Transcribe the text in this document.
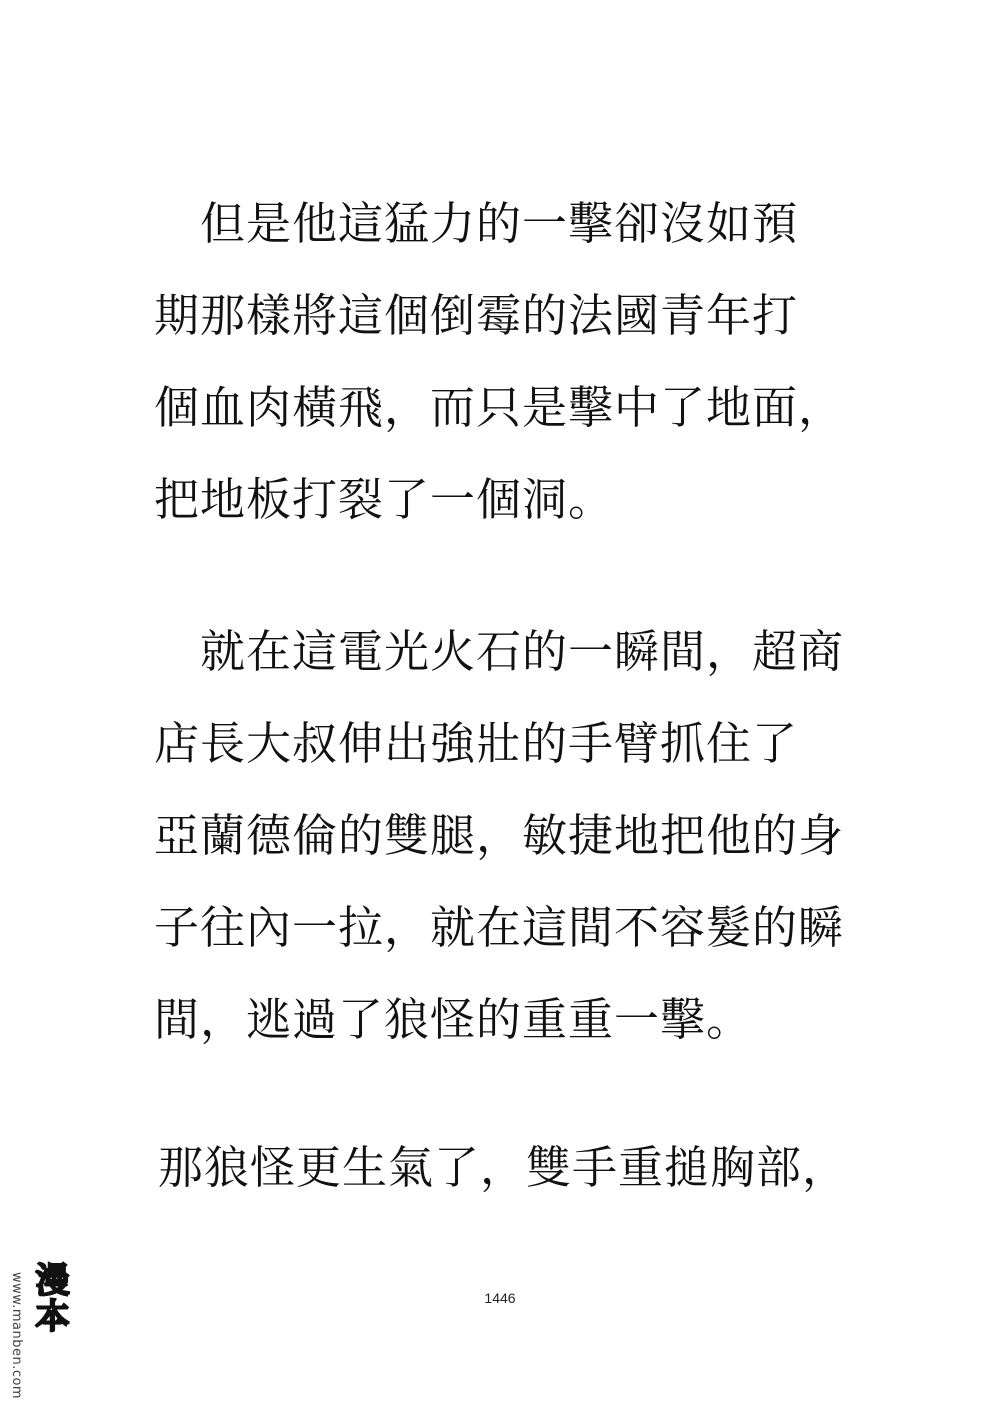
但是他這猛力的一擊卻沒如預
期那樣將這個倒霉的法國青年打
個血肉橫飛，而只是擊中了地面，
把地板打裂了一個洞。
就在這電光火石的一瞬間，超商
店長大叔伸出強壯的手臂抓住了
亞蘭德倫的雙腿，敏捷地把他的身
子往內一拉，就在這間不容髮的瞬
間，逃過了狼怪的重重一擊。
那狼怪更生氣了，雙手重搥胸部，
1446
www.manben.com 漫本
